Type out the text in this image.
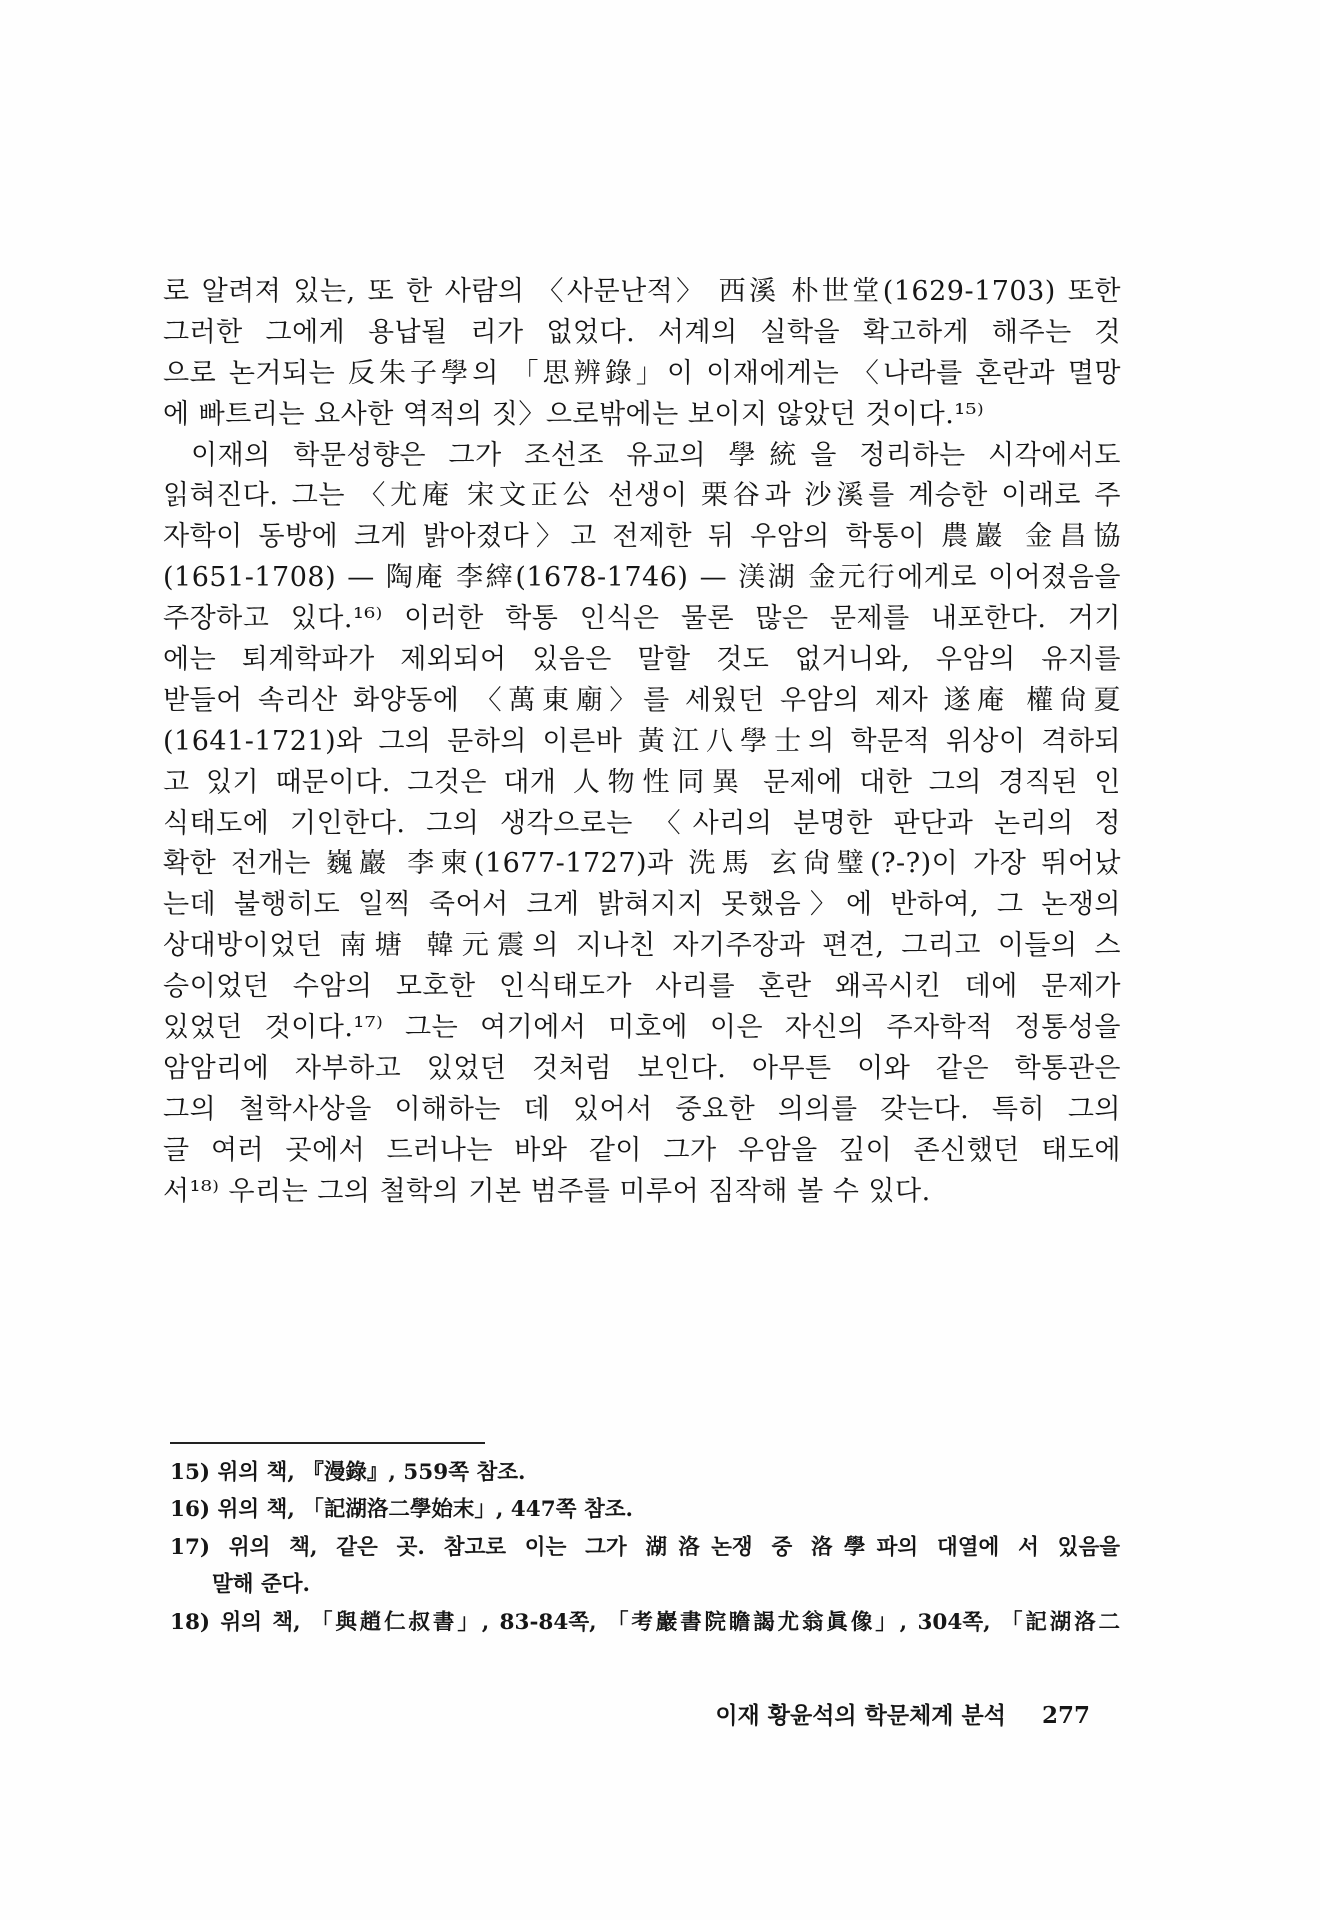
로 알려져 있는, 또 한 사람의 〈사문난적〉 西溪 朴世堂(1629-1703) 또한
그러한 그에게 용납될 리가 없었다. 서계의 실학을 확고하게 해주는 것
으로 논거되는 反朱子學의 「思辨錄」이 이재에게는 〈나라를 혼란과 멸망
에 빠트리는 요사한 역적의 짓〉으로밖에는 보이지 않았던 것이다.¹⁵⁾
이재의 학문성향은 그가 조선조 유교의 學統을 정리하는 시각에서도
읽혀진다. 그는 〈尤庵 宋文正公 선생이 栗谷과 沙溪를 계승한 이래로 주
자학이 동방에 크게 밝아졌다〉고 전제한 뒤 우암의 학통이 農巖 金昌協
(1651-1708) — 陶庵 李縡(1678-1746) — 渼湖 金元行에게로 이어졌음을
주장하고 있다.¹⁶⁾ 이러한 학통 인식은 물론 많은 문제를 내포한다. 거기
에는 퇴계학파가 제외되어 있음은 말할 것도 없거니와, 우암의 유지를
받들어 속리산 화양동에 〈萬東廟〉를 세웠던 우암의 제자 遂庵 權尙夏
(1641-1721)와 그의 문하의 이른바 黃江八學士의 학문적 위상이 격하되
고 있기 때문이다. 그것은 대개 人物性同異 문제에 대한 그의 경직된 인
식태도에 기인한다. 그의 생각으로는 〈사리의 분명한 판단과 논리의 정
확한 전개는 巍巖 李柬(1677-1727)과 洗馬 玄尙璧(?-?)이 가장 뛰어났
는데 불행히도 일찍 죽어서 크게 밝혀지지 못했음〉에 반하여, 그 논쟁의
상대방이었던 南塘 韓元震의 지나친 자기주장과 편견, 그리고 이들의 스
승이었던 수암의 모호한 인식태도가 사리를 혼란 왜곡시킨 데에 문제가
있었던 것이다.¹⁷⁾ 그는 여기에서 미호에 이은 자신의 주자학적 정통성을
암암리에 자부하고 있었던 것처럼 보인다. 아무튼 이와 같은 학통관은
그의 철학사상을 이해하는 데 있어서 중요한 의의를 갖는다. 특히 그의
글 여러 곳에서 드러나는 바와 같이 그가 우암을 깊이 존신했던 태도에
서¹⁸⁾ 우리는 그의 철학의 기본 범주를 미루어 짐작해 볼 수 있다.
15) 위의 책, 『漫錄』, 559쪽 참조.
16) 위의 책, 「記湖洛二學始末」, 447쪽 참조.
17) 위의 책, 같은 곳. 참고로 이는 그가 湖洛논쟁 중 洛學파의 대열에 서 있음을
말해 준다.
18) 위의 책, 「與趙仁叔書」, 83-84쪽, 「考巖書院瞻謁尤翁眞像」, 304쪽, 「記湖洛二
이재 황윤석의 학문체계 분석 277
